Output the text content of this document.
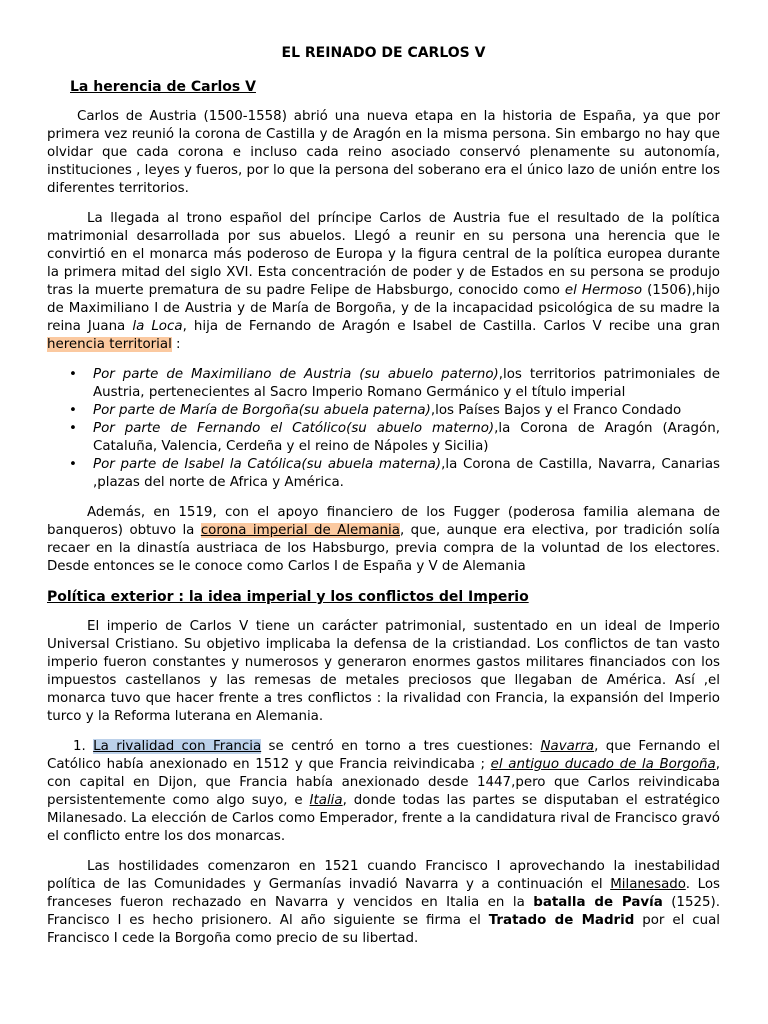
EL REINADO DE CARLOS V
La herencia de Carlos V

Carlos de Austria (1500-1558) abrió una nueva etapa en la historia de España, ya que por primera vez reunió la corona de Castilla y de Aragón en la misma persona. Sin embargo no hay que olvidar que cada corona e incluso cada reino asociado conservó plenamente su autonomía, instituciones , leyes y fueros, por lo que la persona del soberano era el único lazo de unión entre los diferentes territorios.

La llegada al trono español del príncipe Carlos de Austria fue el resultado de la política matrimonial desarrollada por sus abuelos. Llegó a reunir en su persona una herencia que le convirtió en el monarca más poderoso de Europa y la figura central de la política europea durante la primera mitad del siglo XVI. Esta concentración de poder y de Estados en su persona se produjo tras la muerte prematura de su padre Felipe de Habsburgo, conocido como el Hermoso (1506),hijo de Maximiliano I de Austria y de María de Borgoña, y de la incapacidad psicológica de su madre la reina Juana la Loca, hija de Fernando de Aragón e Isabel de Castilla. Carlos V recibe una gran herencia territorial :

• Por parte de Maximiliano de Austria (su abuelo paterno),los territorios patrimoniales de Austria, pertenecientes al Sacro Imperio Romano Germánico y el título imperial
• Por parte de María de Borgoña(su abuela paterna),los Países Bajos y el Franco Condado
• Por parte de Fernando el Católico(su abuelo materno),la Corona de Aragón (Aragón, Cataluña, Valencia, Cerdeña y el reino de Nápoles y Sicilia)
• Por parte de Isabel la Católica(su abuela materna),la Corona de Castilla, Navarra, Canarias ,plazas del norte de Africa y América.

Además, en 1519, con el apoyo financiero de los Fugger (poderosa familia alemana de banqueros) obtuvo la corona imperial de Alemania, que, aunque era electiva, por tradición solía recaer en la dinastía austriaca de los Habsburgo, previa compra de la voluntad de los electores. Desde entonces se le conoce como Carlos I de España y V de Alemania

Política exterior : la idea imperial y los conflictos del Imperio

El imperio de Carlos V tiene un carácter patrimonial, sustentado en un ideal de Imperio Universal Cristiano. Su objetivo implicaba la defensa de la cristiandad. Los conflictos de tan vasto imperio fueron constantes y numerosos y generaron enormes gastos militares financiados con los impuestos castellanos y las remesas de metales preciosos que llegaban de América. Así ,el monarca tuvo que hacer frente a tres conflictos : la rivalidad con Francia, la expansión del Imperio turco y la Reforma luterana en Alemania.

1. La rivalidad con Francia se centró en torno a tres cuestiones: Navarra, que Fernando el Católico había anexionado en 1512 y que Francia reivindicaba ; el antiguo ducado de la Borgoña, con capital en Dijon, que Francia había anexionado desde 1447,pero que Carlos reivindicaba persistentemente como algo suyo, e Italia, donde todas las partes se disputaban el estratégico Milanesado. La elección de Carlos como Emperador, frente a la candidatura rival de Francisco gravó el conflicto entre los dos monarcas.

Las hostilidades comenzaron en 1521 cuando Francisco I aprovechando la inestabilidad política de las Comunidades y Germanías invadió Navarra y a continuación el Milanesado. Los franceses fueron rechazado en Navarra y vencidos en Italia en la batalla de Pavía (1525). Francisco I es hecho prisionero. Al año siguiente se firma el Tratado de Madrid por el cual Francisco I cede la Borgoña como precio de su libertad.
